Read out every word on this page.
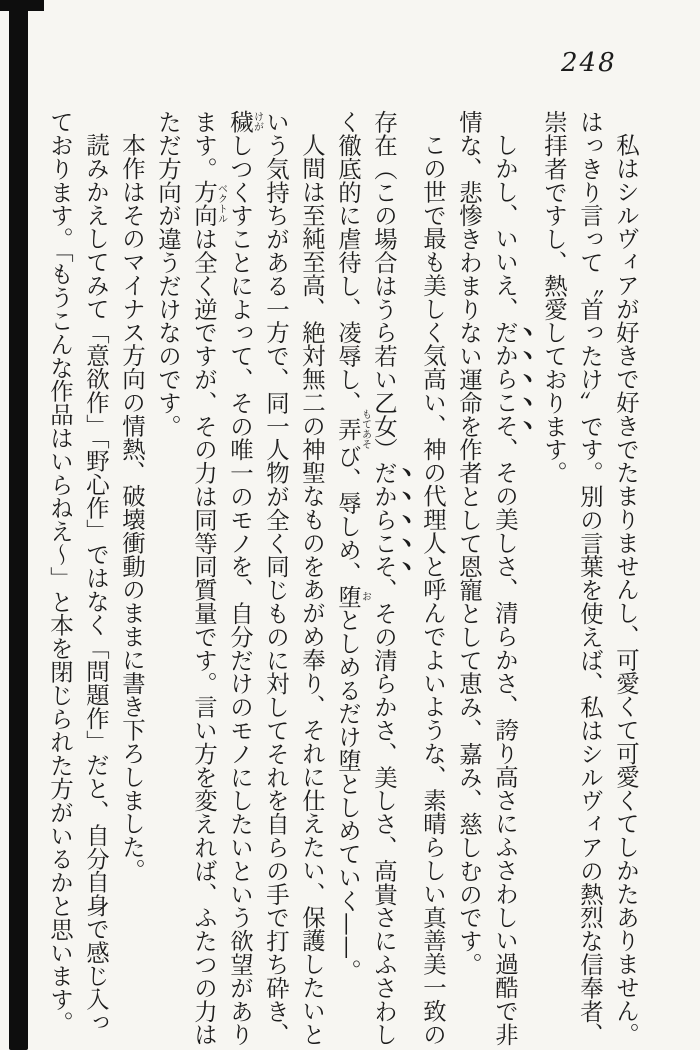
248

私はシルヴィアが好きで好きでたまりませんし、可愛くて可愛くてしかたありません。はっきり言って〝首ったけ〞です。別の言葉を使えば、私はシルヴィアの熱烈な信奉者、崇拝者ですし、熱愛しております。

しかし、いいえ、だからこそ、その美しさ、清らかさ、誇り高さにふさわしい過酷で非情な、悲惨きわまりない運命を作者として恩寵として恵み、嘉み、慈しむのです。

この世で最も美しく気高い、神の代理人と呼んでよいような、素晴らしい真善美一致の存在（この場合はうら若い乙女）だからこそ、その清らかさ、美しさ、高貴さにふさわしく徹底的に虐待し、凌辱し、弄もてあそび、辱しめ、堕おとしめるだけ堕としめていく——。

人間は至純至高、絶対無二の神聖なものをあがめ奉り、それに仕えたい、保護したいという気持ちがある一方で、同一人物が全く同じものに対してそれを自らの手で打ち砕き、穢けがしつくすことによって、その唯一のモノを、自分だけのモノにしたいという欲望があります。方向ベクトルは全く逆ですが、その力は同等同質量です。言い方を変えれば、ふたつの力はただ方向が違うだけなのです。

本作はそのマイナス方向の情熱、破壊衝動のままに書き下ろしました。

読みかえしてみて「意欲作」「野心作」ではなく「問題作」だと、自分自身で感じ入っております。「もうこんな作品はいらねえ〜」と本を閉じられた方がいるかと思います。
